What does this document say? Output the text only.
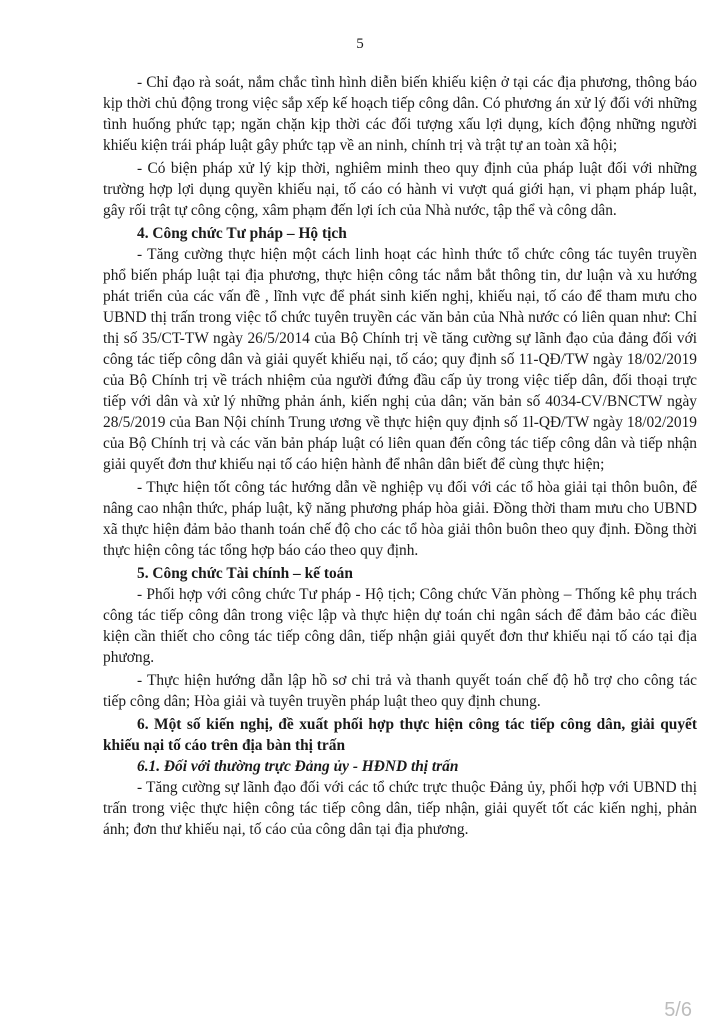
5

- Chỉ đạo rà soát, nắm chắc tình hình diễn biến khiếu kiện ở tại các địa phương, thông báo kịp thời chủ động trong việc sắp xếp kế hoạch tiếp công dân. Có phương án xử lý đối với những tình huống phức tạp; ngăn chặn kịp thời các đối tượng xấu lợi dụng, kích động những người khiếu kiện trái pháp luật gây phức tạp về an ninh, chính trị và trật tự an toàn xã hội;

- Có biện pháp xử lý kịp thời, nghiêm minh theo quy định của pháp luật đối với những trường hợp lợi dụng quyền khiếu nại, tố cáo có hành vi vượt quá giới hạn, vi phạm pháp luật, gây rối trật tự công cộng, xâm phạm đến lợi ích của Nhà nước, tập thể và công dân.

4. Công chức Tư pháp – Hộ tịch

- Tăng cường thực hiện một cách linh hoạt các hình thức tổ chức công tác tuyên truyền phổ biến pháp luật tại địa phương, thực hiện công tác nắm bắt thông tin, dư luận và xu hướng phát triển của các vấn đề , lĩnh vực để phát sinh kiến nghị, khiếu nại, tố cáo để tham mưu cho UBND thị trấn trong việc tổ chức tuyên truyền các văn bản của Nhà nước có liên quan như: Chỉ thị số 35/CT-TW ngày 26/5/2014 của Bộ Chính trị về tăng cường sự lãnh đạo của đảng đối với công tác tiếp công dân và giải quyết khiếu nại, tố cáo; quy định số 11-QĐ/TW ngày 18/02/2019 của Bộ Chính trị về trách nhiệm của người đứng đầu cấp ủy trong việc tiếp dân, đối thoại trực tiếp với dân và xử lý những phản ánh, kiến nghị của dân; văn bản số 4034-CV/BNCTW ngày 28/5/2019 của Ban Nội chính Trung ương về thực hiện quy định số 1l-QĐ/TW ngày 18/02/2019 của Bộ Chính trị và các văn bản pháp luật có liên quan đến công tác tiếp công dân và tiếp nhận giải quyết đơn thư khiếu nại tố cáo hiện hành để nhân dân biết để cùng thực hiện;

- Thực hiện tốt công tác hướng dẫn về nghiệp vụ đối với các tổ hòa giải tại thôn buôn, để nâng cao nhận thức, pháp luật, kỹ năng phương pháp hòa giải. Đồng thời tham mưu cho UBND xã thực hiện đảm bảo thanh toán chế độ cho các tổ hòa giải thôn buôn theo quy định. Đồng thời thực hiện công tác tổng hợp báo cáo theo quy định.

5. Công chức Tài chính – kế toán

- Phối hợp với công chức Tư pháp - Hộ tịch; Công chức Văn phòng – Thống kê phụ trách công tác tiếp công dân trong việc lập và thực hiện dự toán chi ngân sách để đảm bảo các điều kiện cần thiết cho công tác tiếp công dân, tiếp nhận giải quyết đơn thư khiếu nại tố cáo tại địa phương.

- Thực hiện hướng dẫn lập hồ sơ chi trả và thanh quyết toán chế độ hỗ trợ cho công tác tiếp công dân; Hòa giải và tuyên truyền pháp luật theo quy định chung.

6. Một số kiến nghị, đề xuất phối hợp thực hiện công tác tiếp công dân, giải quyết khiếu nại tố cáo trên địa bàn thị trấn

6.1. Đối với thường trực Đảng ủy - HĐND thị trấn

- Tăng cường sự lãnh đạo đối với các tổ chức trực thuộc Đảng ủy, phối hợp với UBND thị trấn trong việc thực hiện công tác tiếp công dân, tiếp nhận, giải quyết tốt các kiến nghị, phản ánh; đơn thư khiếu nại, tố cáo của công dân tại địa phương.

5/6
